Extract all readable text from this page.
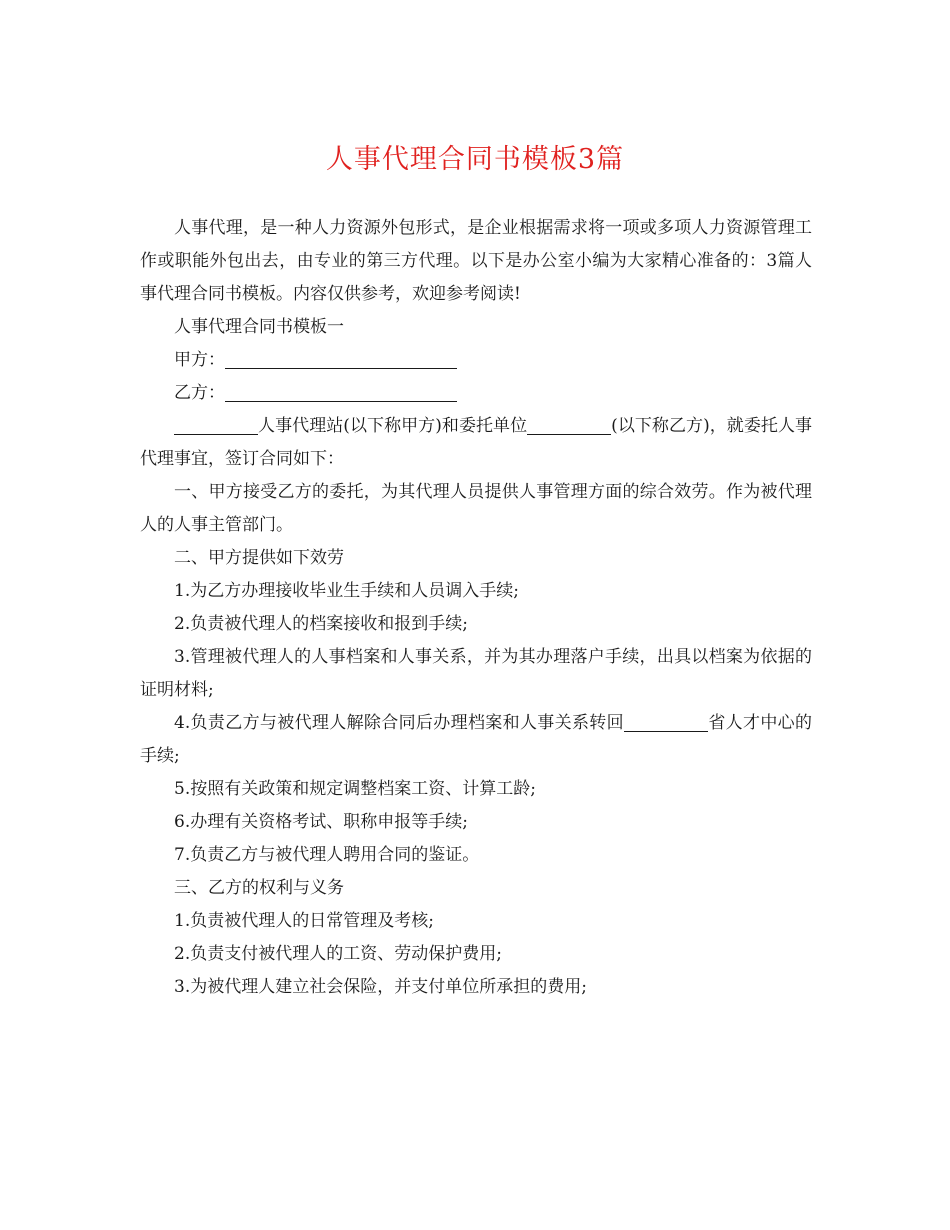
人事代理合同书模板3篇

人事代理，是一种人力资源外包形式，是企业根据需求将一项或多项人力资源管理工作或职能外包出去，由专业的第三方代理。以下是办公室小编为大家精心准备的：3篇人事代理合同书模板。内容仅供参考，欢迎参考阅读!

人事代理合同书模板一

甲方：

乙方：

人事代理站(以下称甲方)和委托单位	(以下称乙方)，就委托人事代理事宜，签订合同如下：

一、甲方接受乙方的委托，为其代理人员提供人事管理方面的综合效劳。作为被代理人的人事主管部门。

二、甲方提供如下效劳

1.为乙方办理接收毕业生手续和人员调入手续;

2.负责被代理人的档案接收和报到手续;

3.管理被代理人的人事档案和人事关系，并为其办理落户手续，出具以档案为依据的证明材料;

4.负责乙方与被代理人解除合同后办理档案和人事关系转回	省人才中心的手续;

5.按照有关政策和规定调整档案工资、计算工龄;

6.办理有关资格考试、职称申报等手续;

7.负责乙方与被代理人聘用合同的鉴证。

三、乙方的权利与义务

1.负责被代理人的日常管理及考核;

2.负责支付被代理人的工资、劳动保护费用;

3.为被代理人建立社会保险，并支付单位所承担的费用;
